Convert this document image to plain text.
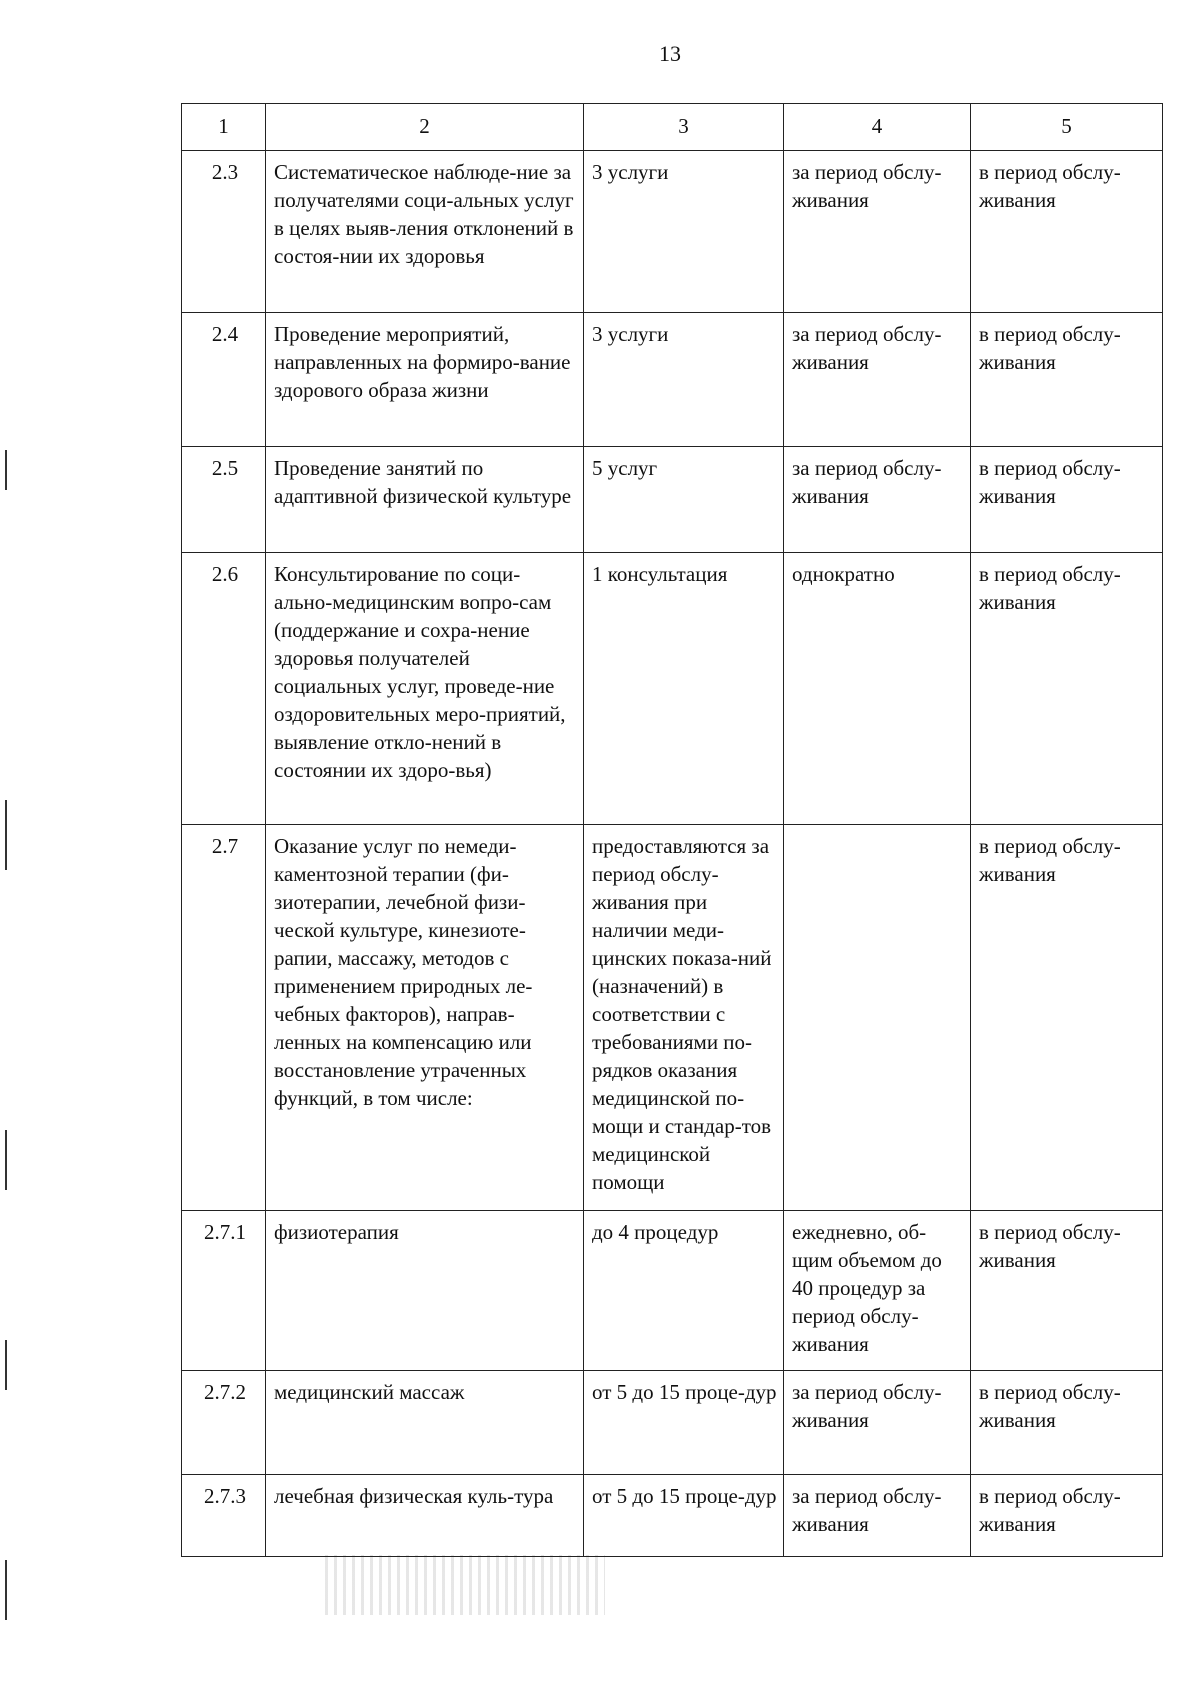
13
1	2	3	4	5
2.3	Систематическое наблюде-ние за получателями соци-альных услуг в целях выяв-ления отклонений в состоя-нии их здоровья	3 услуги	за период обслу-живания	в период обслу-живания
2.4	Проведение мероприятий, направленных на формиро-вание здорового образа жизни	3 услуги	за период обслу-живания	в период обслу-живания
2.5	Проведение занятий по адаптивной физической культуре	5 услуг	за период обслу-живания	в период обслу-живания
2.6	Консультирование по соци-ально-медицинским вопро-сам (поддержание и сохра-нение здоровья получателей социальных услуг, проведе-ние оздоровительных меро-приятий, выявление откло-нений в состоянии их здоро-вья)	1 консультация	однократно	в период обслу-живания
2.7	Оказание услуг по немеди-каментозной терапии (фи-зиотерапии, лечебной физи-ческой культуре, кинезиоте-рапии, массажу, методов с применением природных ле-чебных факторов), направ-ленных на компенсацию или восстановление утраченных функций, в том числе:	предоставляются за период обслу-живания при наличии меди-цинских показа-ний (назначений) в соответствии с требованиями по-рядков оказания медицинской по-мощи и стандар-тов медицинской помощи		в период обслу-живания
2.7.1	физиотерапия	до 4 процедур	ежедневно, об-щим объемом до 40 процедур за период обслу-живания	в период обслу-живания
2.7.2	медицинский массаж	от 5 до 15 проце-дур	за период обслу-живания	в период обслу-живания
2.7.3	лечебная физическая куль-тура	от 5 до 15 проце-дур	за период обслу-живания	в период обслу-живания
